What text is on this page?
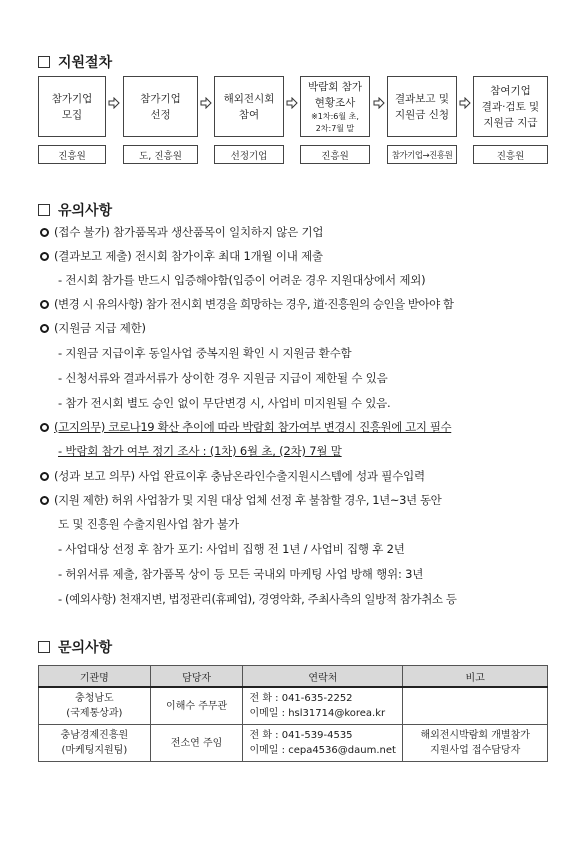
지원절차
참가기업
모집
참가기업
선정
해외전시회
참여
박람회 참가
현황조사
※1차:6월 초,
2차:7월 말
결과보고 및
지원금 신청
참여기업
결과·검토 및
지원금 지급
진흥원	도, 진흥원	선정기업	진흥원	참가기업→진흥원	진흥원
유의사항
(접수 불가) 참가품목과 생산품목이 일치하지 않은 기업
(결과보고 제출) 전시회 참가이후 최대 1개월 이내 제출
- 전시회 참가를 반드시 입증해야함(입증이 어려운 경우 지원대상에서 제외)
(변경 시 유의사항) 참가 전시회 변경을 희망하는 경우, 道·진흥원의 승인을 받아야 함
(지원금 지급 제한)
- 지원금 지급이후 동일사업 중복지원 확인 시 지원금 환수함
- 신청서류와 결과서류가 상이한 경우 지원금 지급이 제한될 수 있음
- 참가 전시회 별도 승인 없이 무단변경 시, 사업비 미지원될 수 있음.
(고지의무) 코로나19 확산 추이에 따라 박람회 참가여부 변경시 진흥원에 고지 필수
- 박람회 참가 여부 정기 조사 : (1차) 6월 초, (2차) 7월 말
(성과 보고 의무) 사업 완료이후 충남온라인수출지원시스템에 성과 필수입력
(지원 제한) 허위 사업참가 및 지원 대상 업체 선정 후 불참할 경우, 1년~3년 동안
도 및 진흥원 수출지원사업 참가 불가
- 사업대상 선정 후 참가 포기: 사업비 집행 전 1년 / 사업비 집행 후 2년
- 허위서류 제출, 참가품목 상이 등 모든 국내외 마케팅 사업 방해 행위: 3년
- (예외사항) 천재지변, 법정관리(휴폐업), 경영악화, 주최사측의 일방적 참가취소 등
문의사항
기관명	담당자	연락처	비고
충청남도
(국제통상과)	이해수 주무관	전 화 : 041-635-2252
이메일 : hsl31714@korea.kr	

충남경제진흥원
(마케팅지원팀)	전소연 주임	전 화 : 041-539-4535
이메일 : cepa4536@daum.net	해외전시박람회 개별참가
지원사업 접수담당자
